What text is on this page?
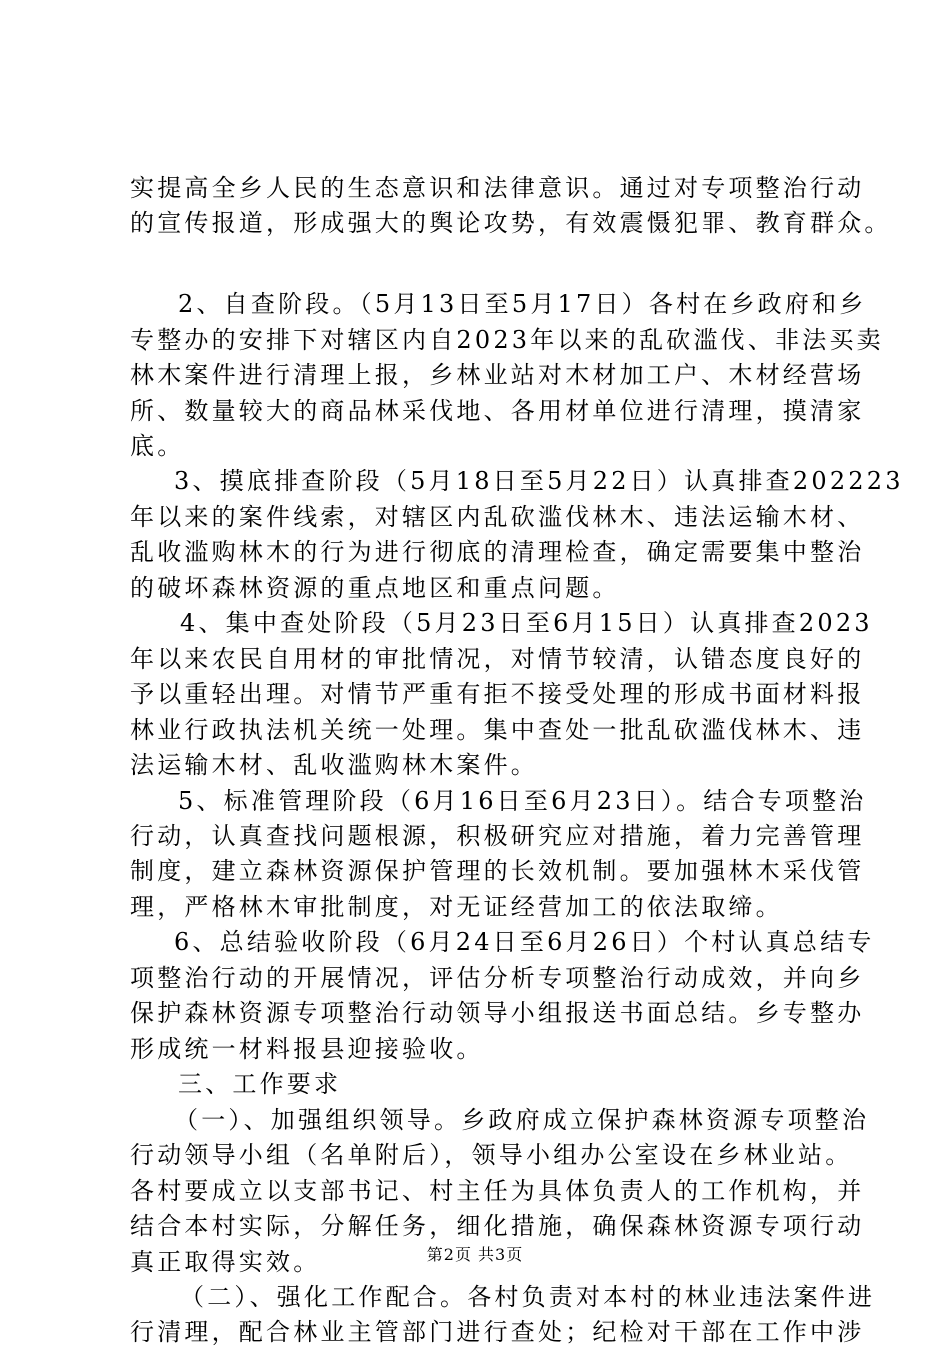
实提高全乡人民的生态意识和法律意识。通过对专项整治行动
的宣传报道，形成强大的舆论攻势，有效震慑犯罪、教育群众。
2、自查阶段。（5月13日至5月17日）各村在乡政府和乡
专整办的安排下对辖区内自2023年以来的乱砍滥伐、非法买卖
林木案件进行清理上报，乡林业站对木材加工户、木材经营场
所、数量较大的商品林采伐地、各用材单位进行清理，摸清家
底。
3、摸底排查阶段（5月18日至5月22日）认真排查202223
年以来的案件线索，对辖区内乱砍滥伐林木、违法运输木材、
乱收滥购林木的行为进行彻底的清理检查，确定需要集中整治
的破坏森林资源的重点地区和重点问题。
4、集中查处阶段（5月23日至6月15日）认真排查2023
年以来农民自用材的审批情况，对情节较清，认错态度良好的
予以重轻出理。对情节严重有拒不接受处理的形成书面材料报
林业行政执法机关统一处理。集中查处一批乱砍滥伐林木、违
法运输木材、乱收滥购林木案件。
5、标准管理阶段（6月16日至6月23日）。结合专项整治
行动，认真查找问题根源，积极研究应对措施，着力完善管理
制度，建立森林资源保护管理的长效机制。要加强林木采伐管
理，严格林木审批制度，对无证经营加工的依法取缔。
6、总结验收阶段（6月24日至6月26日）个村认真总结专
项整治行动的开展情况，评估分析专项整治行动成效，并向乡
保护森林资源专项整治行动领导小组报送书面总结。乡专整办
形成统一材料报县迎接验收。
三、工作要求
（一）、加强组织领导。乡政府成立保护森林资源专项整治
行动领导小组（名单附后），领导小组办公室设在乡林业站。
各村要成立以支部书记、村主任为具体负责人的工作机构，并
结合本村实际，分解任务，细化措施，确保森林资源专项行动
真正取得实效。
（二）、强化工作配合。各村负责对本村的林业违法案件进
行清理，配合林业主管部门进行查处；纪检对干部在工作中涉
第2页 共3页
